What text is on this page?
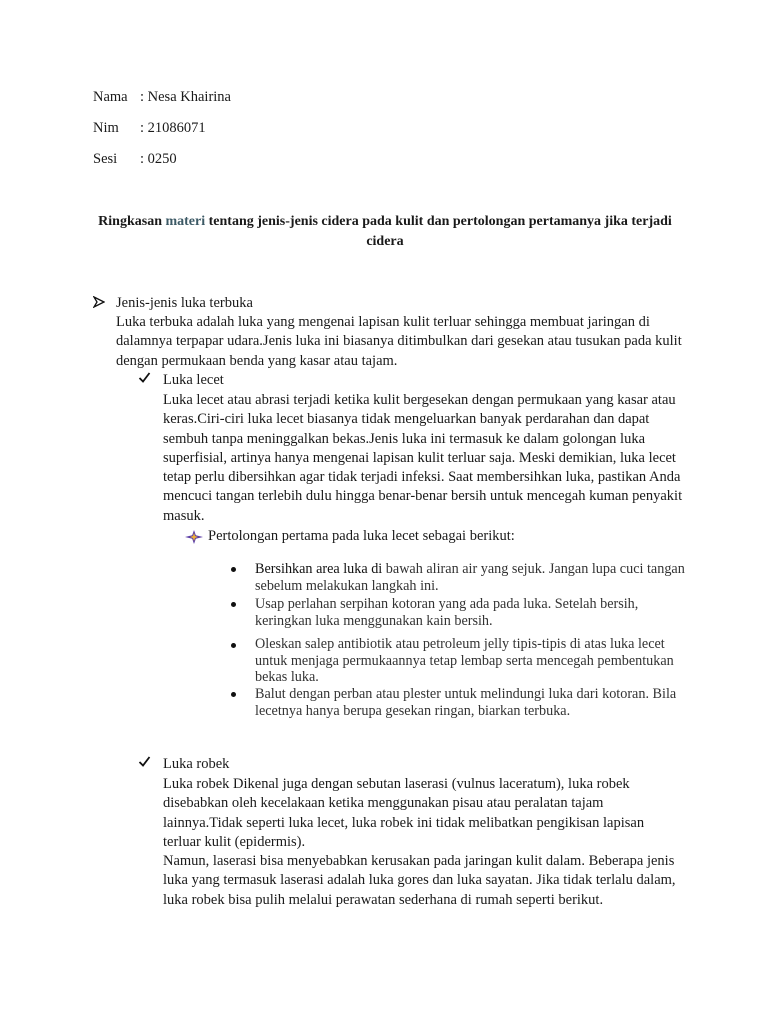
Nama : Nesa Khairina
Nim : 21086071
Sesi : 0250
Ringkasan materi tentang jenis-jenis cidera pada kulit dan pertolongan pertamanya jika terjadi cidera
Jenis-jenis luka terbuka
Luka terbuka adalah luka yang mengenai lapisan kulit terluar sehingga membuat jaringan di dalamnya terpapar udara.Jenis luka ini biasanya ditimbulkan dari gesekan atau tusukan pada kulit dengan permukaan benda yang kasar atau tajam.
Luka lecet
Luka lecet atau abrasi terjadi ketika kulit bergesekan dengan permukaan yang kasar atau keras.Ciri-ciri luka lecet biasanya tidak mengeluarkan banyak perdarahan dan dapat sembuh tanpa meninggalkan bekas.Jenis luka ini termasuk ke dalam golongan luka superfisial, artinya hanya mengenai lapisan kulit terluar saja. Meski demikian, luka lecet tetap perlu dibersihkan agar tidak terjadi infeksi. Saat membersihkan luka, pastikan Anda mencuci tangan terlebih dulu hingga benar-benar bersih untuk mencegah kuman penyakit masuk.
Pertolongan pertama pada luka lecet sebagai berikut:
Bersihkan area luka di bawah aliran air yang sejuk. Jangan lupa cuci tangan sebelum melakukan langkah ini.
Usap perlahan serpihan kotoran yang ada pada luka. Setelah bersih, keringkan luka menggunakan kain bersih.
Oleskan salep antibiotik atau petroleum jelly tipis-tipis di atas luka lecet untuk menjaga permukaannya tetap lembap serta mencegah pembentukan bekas luka.
Balut dengan perban atau plester untuk melindungi luka dari kotoran. Bila lecetnya hanya berupa gesekan ringan, biarkan terbuka.
Luka robek
Luka robek Dikenal juga dengan sebutan laserasi (vulnus laceratum), luka robek disebabkan oleh kecelakaan ketika menggunakan pisau atau peralatan tajam lainnya.Tidak seperti luka lecet, luka robek ini tidak melibatkan pengikisan lapisan terluar kulit (epidermis).
Namun, laserasi bisa menyebabkan kerusakan pada jaringan kulit dalam. Beberapa jenis luka yang termasuk laserasi adalah luka gores dan luka sayatan. Jika tidak terlalu dalam, luka robek bisa pulih melalui perawatan sederhana di rumah seperti berikut.
